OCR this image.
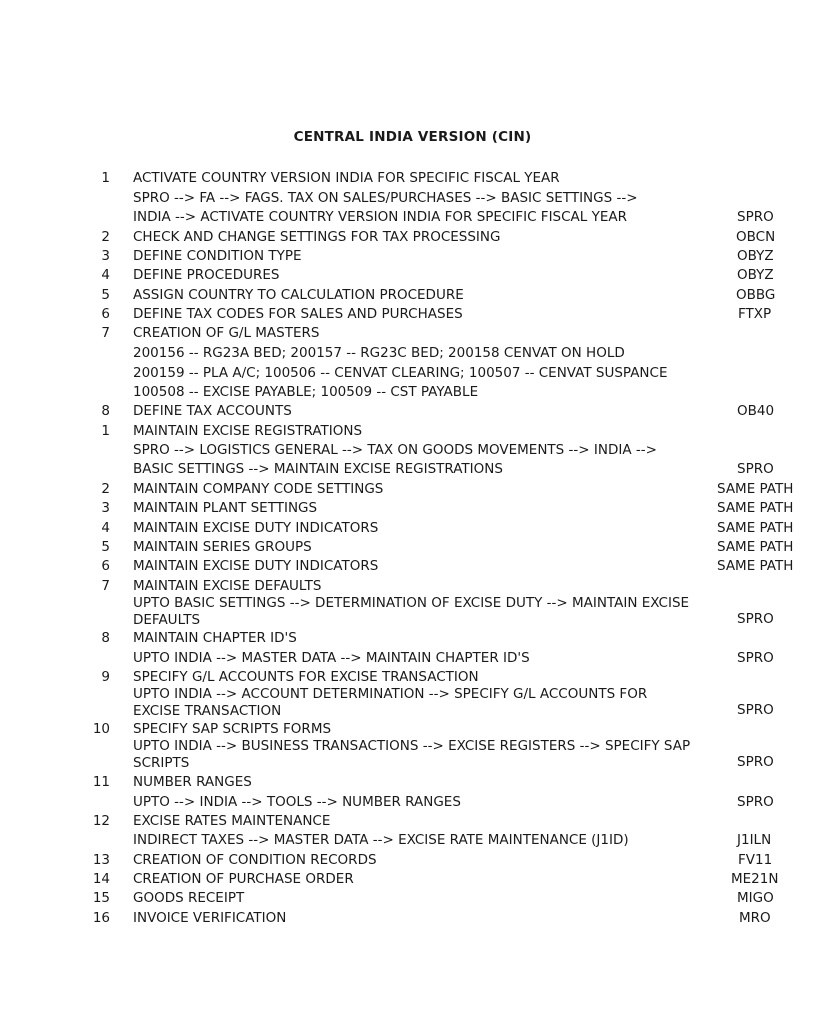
CENTRAL INDIA VERSION (CIN)
1 ACTIVATE COUNTRY VERSION INDIA FOR SPECIFIC FISCAL YEAR
SPRO --> FA --> FAGS. TAX ON SALES/PURCHASES --> BASIC SETTINGS -->
INDIA --> ACTIVATE COUNTRY VERSION INDIA FOR SPECIFIC FISCAL YEAR	SPRO
2 CHECK AND CHANGE SETTINGS FOR TAX PROCESSING	OBCN
3 DEFINE CONDITION TYPE	OBYZ
4 DEFINE PROCEDURES	OBYZ
5 ASSIGN COUNTRY TO CALCULATION PROCEDURE	OBBG
6 DEFINE TAX CODES FOR SALES AND PURCHASES	FTXP
7 CREATION OF G/L MASTERS
200156 -- RG23A BED; 200157 -- RG23C BED; 200158 CENVAT ON HOLD
200159 -- PLA A/C; 100506 -- CENVAT CLEARING; 100507 -- CENVAT SUSPANCE
100508 -- EXCISE PAYABLE; 100509 -- CST PAYABLE
8 DEFINE TAX ACCOUNTS	OB40
1 MAINTAIN EXCISE REGISTRATIONS
SPRO --> LOGISTICS GENERAL --> TAX ON GOODS MOVEMENTS --> INDIA -->
BASIC SETTINGS --> MAINTAIN EXCISE REGISTRATIONS	SPRO
2 MAINTAIN COMPANY CODE SETTINGS	SAME PATH
3 MAINTAIN PLANT SETTINGS	SAME PATH
4 MAINTAIN EXCISE DUTY INDICATORS	SAME PATH
5 MAINTAIN SERIES GROUPS	SAME PATH
6 MAINTAIN EXCISE DUTY INDICATORS	SAME PATH
7 MAINTAIN EXCISE DEFAULTS
UPTO BASIC SETTINGS --> DETERMINATION OF EXCISE DUTY --> MAINTAIN EXCISE DEFAULTS	SPRO
8 MAINTAIN CHAPTER ID'S
UPTO INDIA --> MASTER DATA --> MAINTAIN CHAPTER ID'S	SPRO
9 SPECIFY G/L ACCOUNTS FOR EXCISE TRANSACTION
UPTO INDIA --> ACCOUNT DETERMINATION --> SPECIFY G/L ACCOUNTS FOR EXCISE TRANSACTION	SPRO
10 SPECIFY SAP SCRIPTS FORMS
UPTO INDIA --> BUSINESS TRANSACTIONS --> EXCISE REGISTERS --> SPECIFY SAP SCRIPTS	SPRO
11 NUMBER RANGES
UPTO --> INDIA --> TOOLS --> NUMBER RANGES	SPRO
12 EXCISE RATES MAINTENANCE
INDIRECT TAXES --> MASTER DATA --> EXCISE RATE MAINTENANCE (J1ID)	J1ILN
13 CREATION OF CONDITION RECORDS	FV11
14 CREATION OF PURCHASE ORDER	ME21N
15 GOODS RECEIPT	MIGO
16 INVOICE VERIFICATION	MRO
